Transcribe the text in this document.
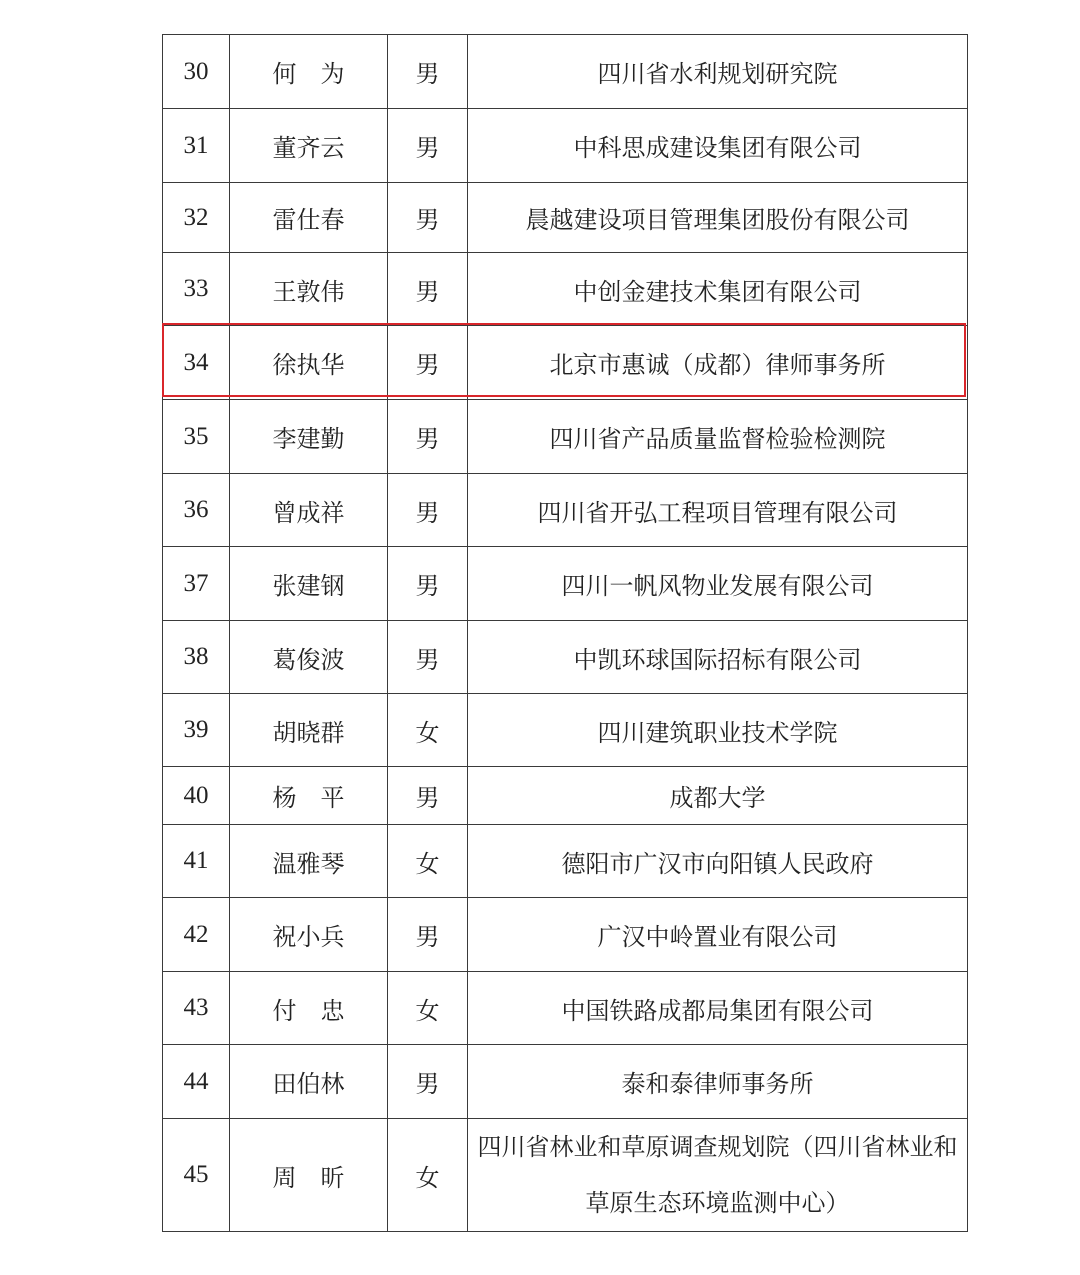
30	何　为	男	四川省水利规划研究院
31	董齐云	男	中科思成建设集团有限公司
32	雷仕春	男	晨越建设项目管理集团股份有限公司
33	王敦伟	男	中创金建技术集团有限公司
34	徐执华	男	北京市惠诚（成都）律师事务所
35	李建勤	男	四川省产品质量监督检验检测院
36	曾成祥	男	四川省开弘工程项目管理有限公司
37	张建钢	男	四川一帆风物业发展有限公司
38	葛俊波	男	中凯环球国际招标有限公司
39	胡晓群	女	四川建筑职业技术学院
40	杨　平	男	成都大学
41	温雅琴	女	德阳市广汉市向阳镇人民政府
42	祝小兵	男	广汉中岭置业有限公司
43	付　忠	女	中国铁路成都局集团有限公司
44	田伯林	男	泰和泰律师事务所
45	周　昕	女	四川省林业和草原调查规划院（四川省林业和草原生态环境监测中心）
